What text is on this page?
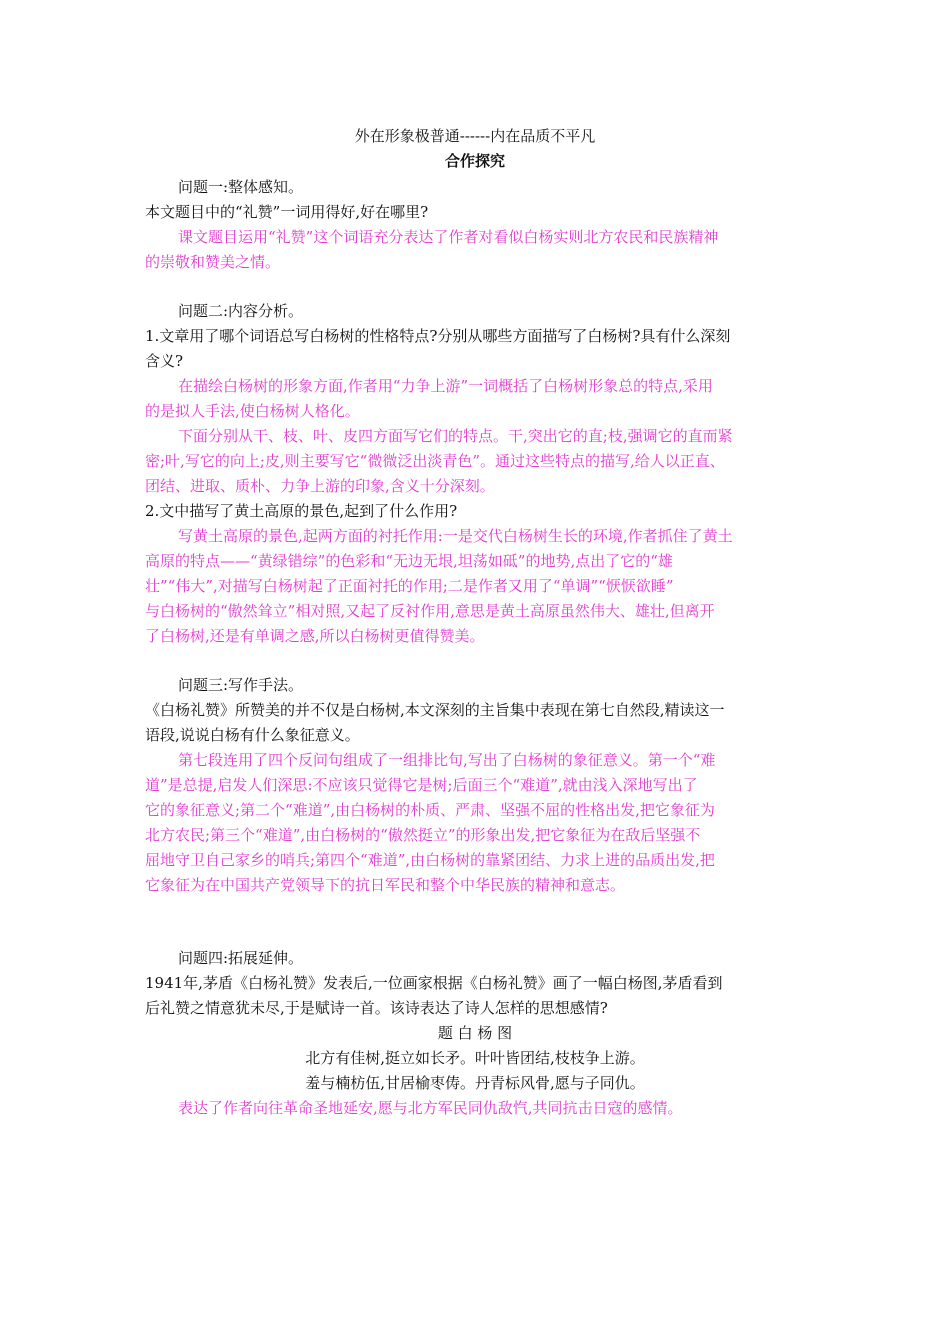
外在形象极普通------内在品质不平凡
合作探究
问题一:整体感知。
本文题目中的“礼赞”一词用得好,好在哪里?
课文题目运用“礼赞”这个词语充分表达了作者对看似白杨实则北方农民和民族精神
的崇敬和赞美之情。
问题二:内容分析。
1.文章用了哪个词语总写白杨树的性格特点?分别从哪些方面描写了白杨树?具有什么深刻
含义?
在描绘白杨树的形象方面,作者用“力争上游”一词概括了白杨树形象总的特点,采用
的是拟人手法,使白杨树人格化。
下面分别从干、枝、叶、皮四方面写它们的特点。干,突出它的直;枝,强调它的直而紧
密;叶,写它的向上;皮,则主要写它“微微泛出淡青色”。通过这些特点的描写,给人以正直、
团结、进取、质朴、力争上游的印象,含义十分深刻。
2.文中描写了黄土高原的景色,起到了什么作用?
写黄土高原的景色,起两方面的衬托作用:一是交代白杨树生长的环境,作者抓住了黄土
高原的特点——“黄绿错综”的色彩和“无边无垠,坦荡如砥”的地势,点出了它的“雄
壮”“伟大”,对描写白杨树起了正面衬托的作用;二是作者又用了“单调”“恹恹欲睡”
与白杨树的“傲然耸立”相对照,又起了反衬作用,意思是黄土高原虽然伟大、雄壮,但离开
了白杨树,还是有单调之感,所以白杨树更值得赞美。
问题三:写作手法。
《白杨礼赞》所赞美的并不仅是白杨树,本文深刻的主旨集中表现在第七自然段,精读这一
语段,说说白杨有什么象征意义。
第七段连用了四个反问句组成了一组排比句,写出了白杨树的象征意义。第一个“难
道”是总提,启发人们深思:不应该只觉得它是树;后面三个“难道”,就由浅入深地写出了
它的象征意义;第二个“难道”,由白杨树的朴质、严肃、坚强不屈的性格出发,把它象征为
北方农民;第三个“难道”,由白杨树的“傲然挺立”的形象出发,把它象征为在敌后坚强不
屈地守卫自己家乡的哨兵;第四个“难道”,由白杨树的靠紧团结、力求上进的品质出发,把
它象征为在中国共产党领导下的抗日军民和整个中华民族的精神和意志。
问题四:拓展延伸。
1941年,茅盾《白杨礼赞》发表后,一位画家根据《白杨礼赞》画了一幅白杨图,茅盾看到
后礼赞之情意犹未尽,于是赋诗一首。该诗表达了诗人怎样的思想感情?
题 白 杨 图
北方有佳树,挺立如长矛。叶叶皆团结,枝枝争上游。
羞与楠枋伍,甘居榆枣俦。丹青标风骨,愿与子同仇。
表达了作者向往革命圣地延安,愿与北方军民同仇敌忾,共同抗击日寇的感情。
